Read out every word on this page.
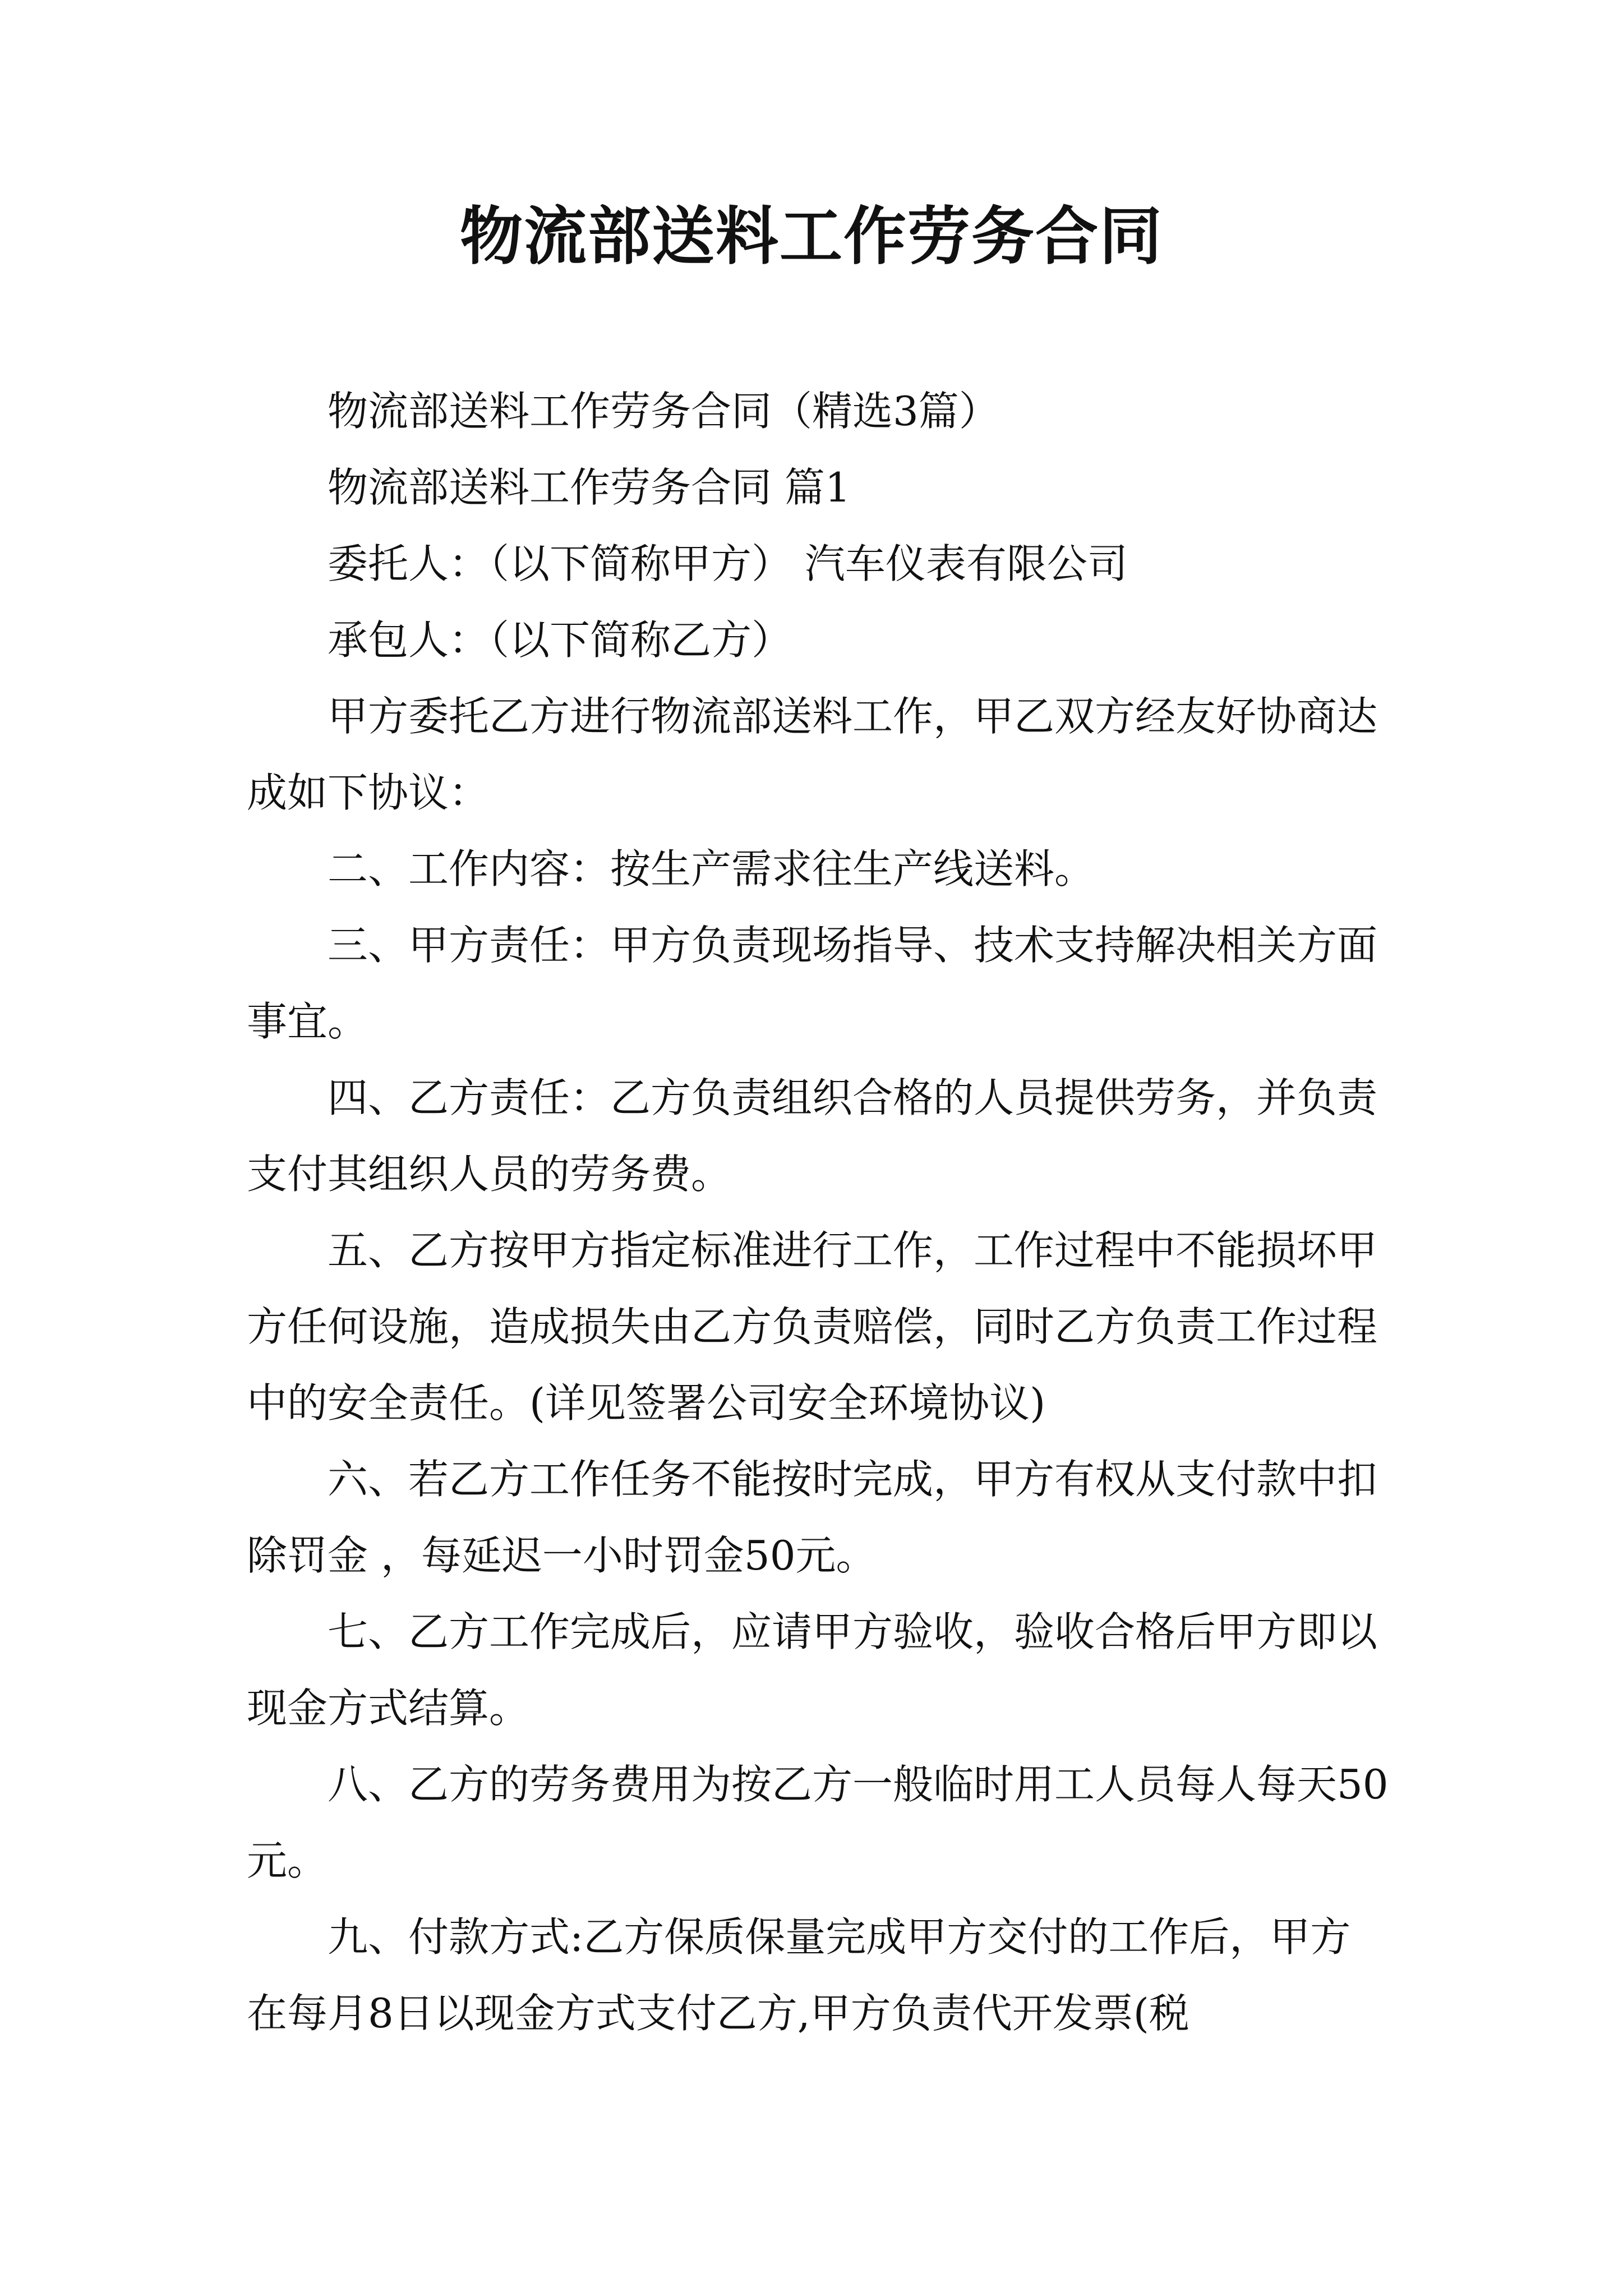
物流部送料工作劳务合同

物流部送料工作劳务合同（精选3篇）

物流部送料工作劳务合同 篇1

委托人：（以下简称甲方） 汽车仪表有限公司

承包人：（以下简称乙方）

甲方委托乙方进行物流部送料工作，甲乙双方经友好协商达成如下协议：

二、工作内容：按生产需求往生产线送料。

三、甲方责任：甲方负责现场指导、技术支持解决相关方面事宜。

四、乙方责任：乙方负责组织合格的人员提供劳务，并负责支付其组织人员的劳务费。

五、乙方按甲方指定标准进行工作，工作过程中不能损坏甲方任何设施，造成损失由乙方负责赔偿，同时乙方负责工作过程中的安全责任。(详见签署公司安全环境协议)

六、若乙方工作任务不能按时完成，甲方有权从支付款中扣除罚金 ，每延迟一小时罚金50元。

七、乙方工作完成后，应请甲方验收，验收合格后甲方即以现金方式结算。

八、乙方的劳务费用为按乙方一般临时用工人员每人每天50元。

九、付款方式:乙方保质保量完成甲方交付的工作后，甲方在每月8日以现金方式支付乙方,甲方负责代开发票(税
